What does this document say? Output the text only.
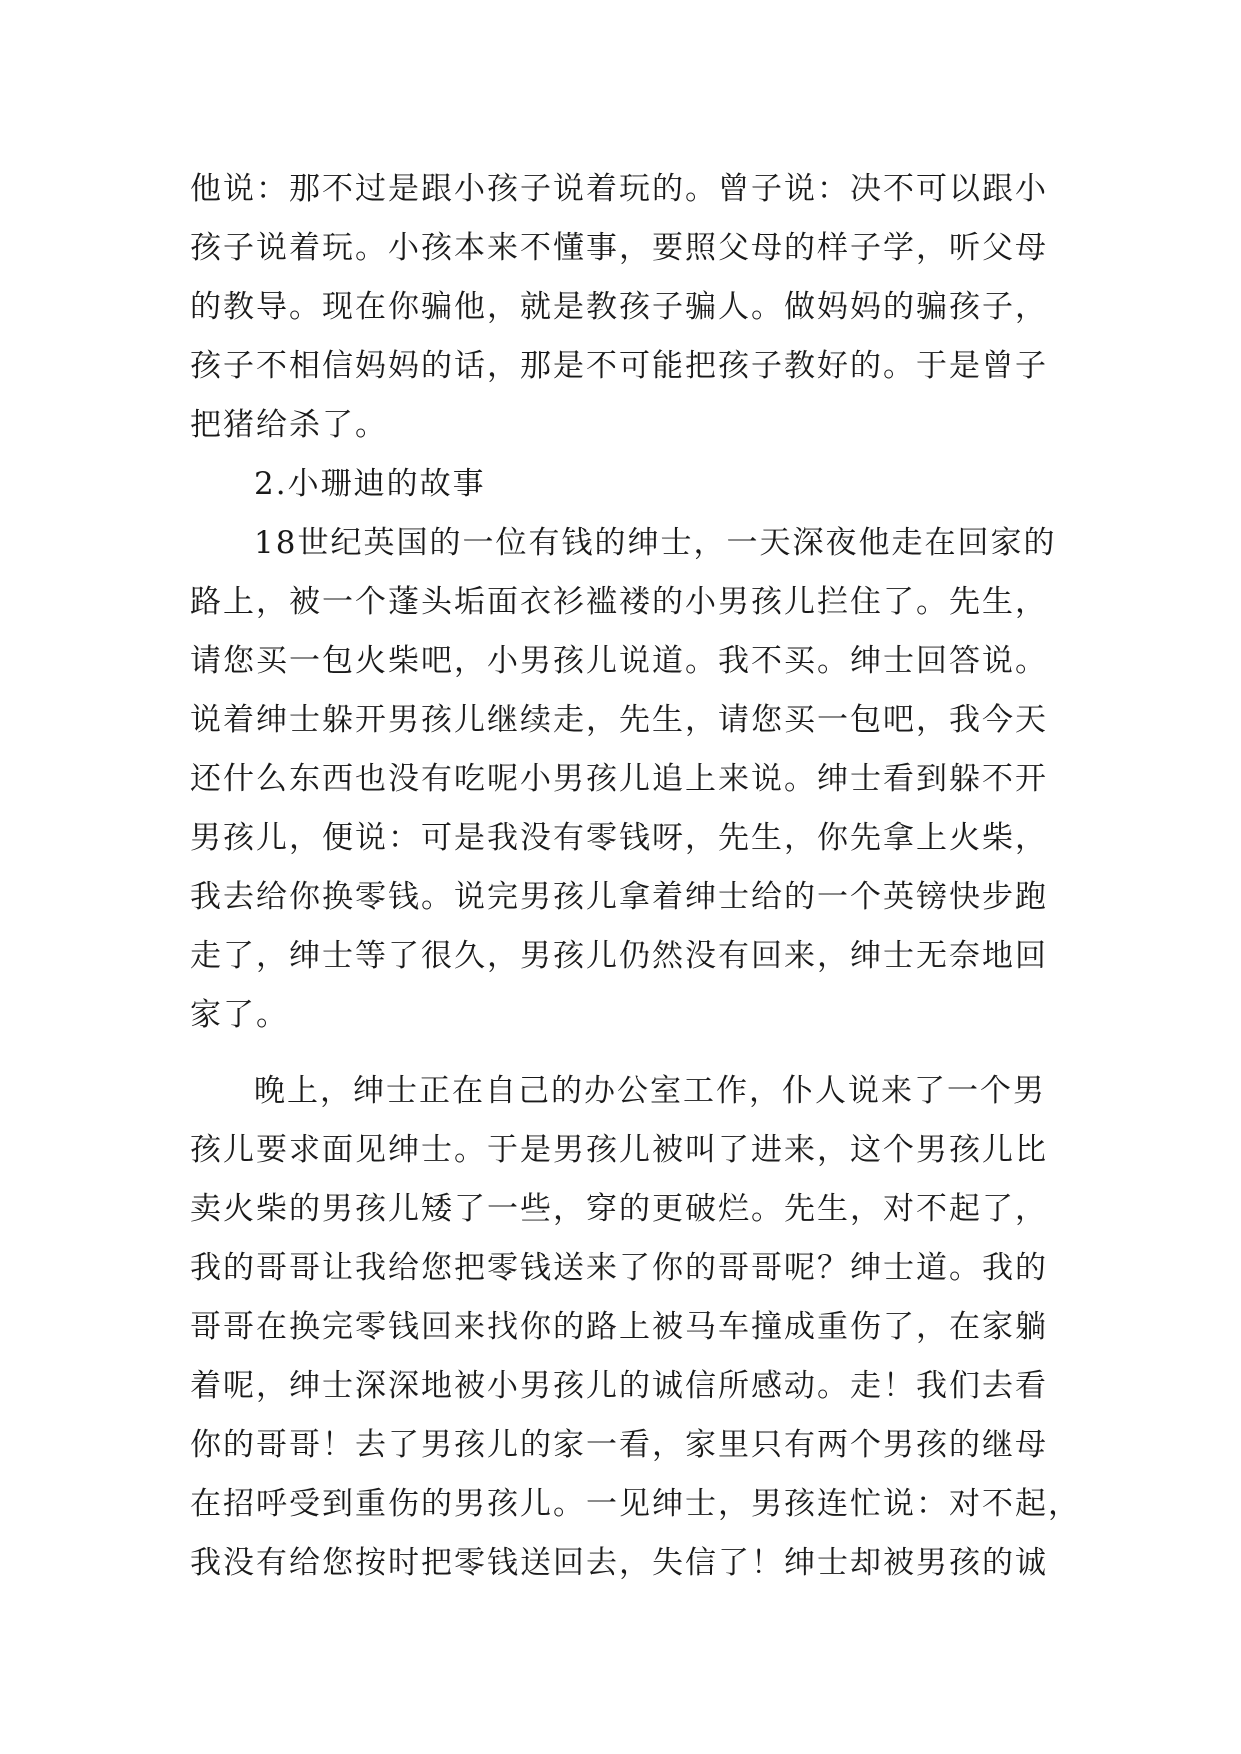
他说：那不过是跟小孩子说着玩的。曾子说：决不可以跟小
孩子说着玩。小孩本来不懂事，要照父母的样子学，听父母
的教导。现在你骗他，就是教孩子骗人。做妈妈的骗孩子，
孩子不相信妈妈的话，那是不可能把孩子教好的。于是曾子
把猪给杀了。
2.小珊迪的故事
18世纪英国的一位有钱的绅士，一天深夜他走在回家的
路上，被一个蓬头垢面衣衫褴褛的小男孩儿拦住了。先生，
请您买一包火柴吧，小男孩儿说道。我不买。绅士回答说。
说着绅士躲开男孩儿继续走，先生，请您买一包吧，我今天
还什么东西也没有吃呢小男孩儿追上来说。绅士看到躲不开
男孩儿，便说：可是我没有零钱呀，先生，你先拿上火柴，
我去给你换零钱。说完男孩儿拿着绅士给的一个英镑快步跑
走了，绅士等了很久，男孩儿仍然没有回来，绅士无奈地回
家了。
晚上，绅士正在自己的办公室工作，仆人说来了一个男
孩儿要求面见绅士。于是男孩儿被叫了进来，这个男孩儿比
卖火柴的男孩儿矮了一些，穿的更破烂。先生，对不起了，
我的哥哥让我给您把零钱送来了你的哥哥呢？绅士道。我的
哥哥在换完零钱回来找你的路上被马车撞成重伤了，在家躺
着呢，绅士深深地被小男孩儿的诚信所感动。走！我们去看
你的哥哥！去了男孩儿的家一看，家里只有两个男孩的继母
在招呼受到重伤的男孩儿。一见绅士，男孩连忙说：对不起，
我没有给您按时把零钱送回去，失信了！绅士却被男孩的诚
